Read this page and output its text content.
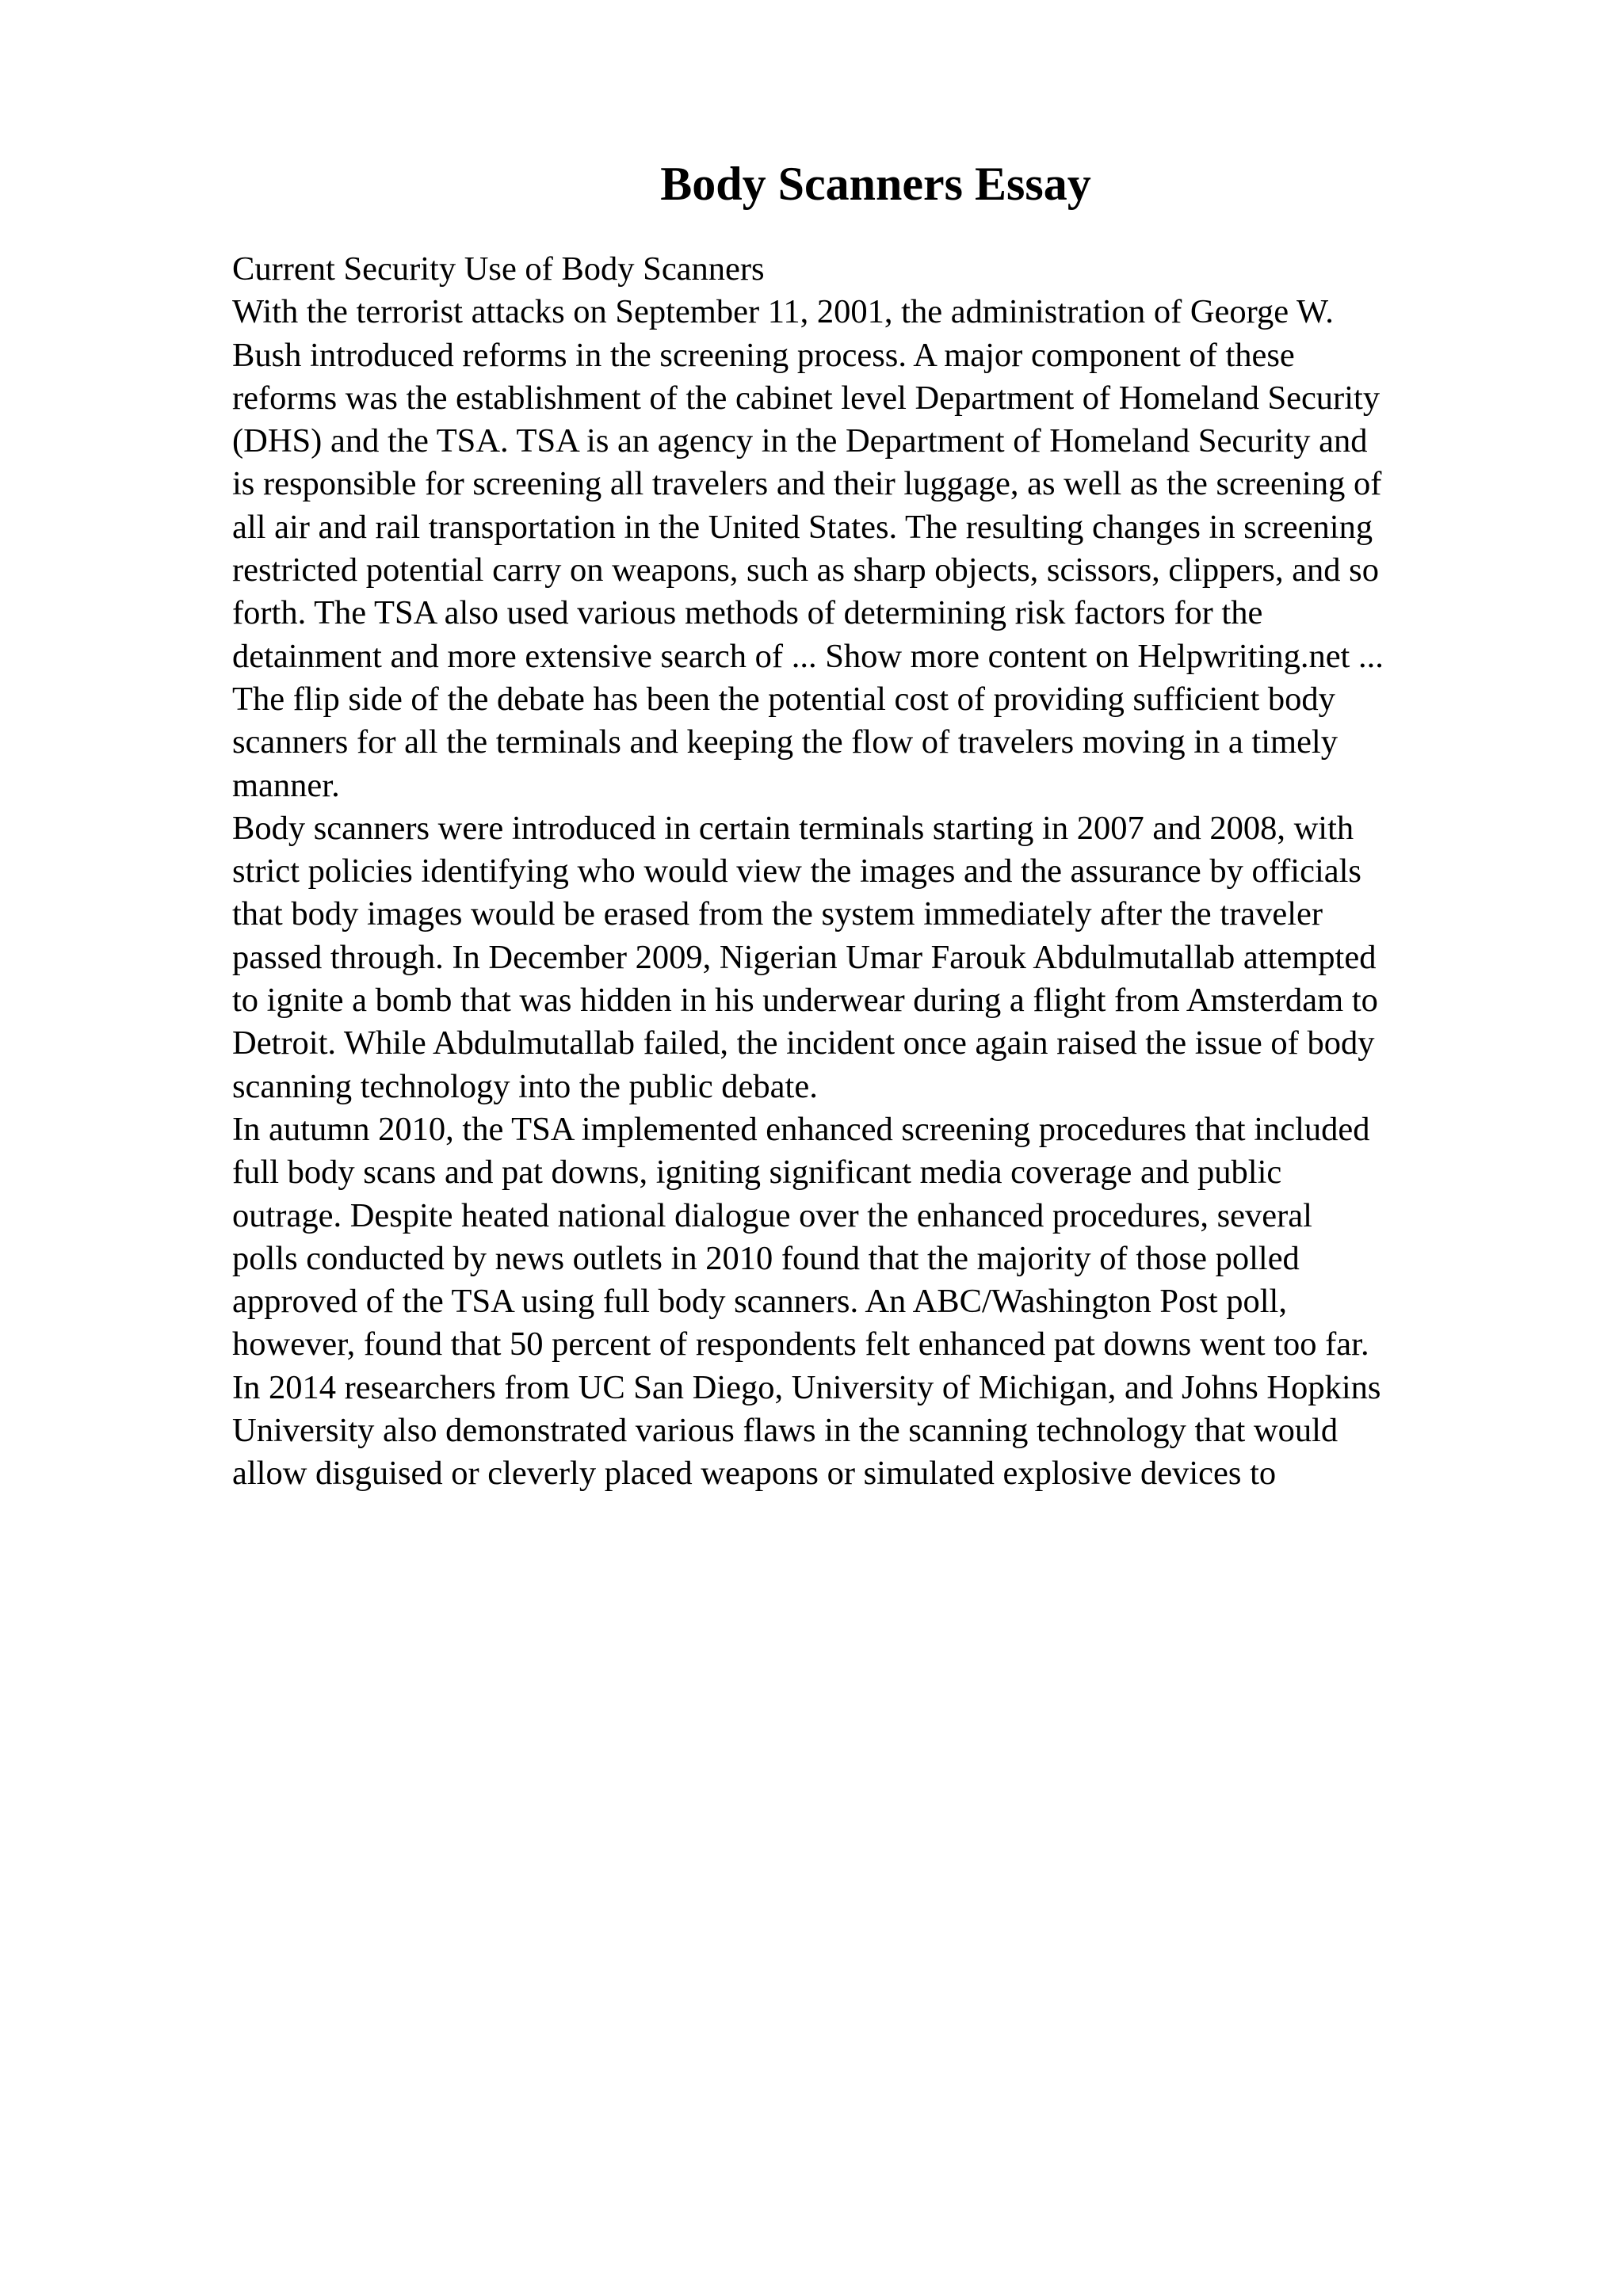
Body Scanners Essay
Current Security Use of Body Scanners
With the terrorist attacks on September 11, 2001, the administration of George W.
Bush introduced reforms in the screening process. A major component of these
reforms was the establishment of the cabinet level Department of Homeland Security
(DHS) and the TSA. TSA is an agency in the Department of Homeland Security and
is responsible for screening all travelers and their luggage, as well as the screening of
all air and rail transportation in the United States. The resulting changes in screening
restricted potential carry on weapons, such as sharp objects, scissors, clippers, and so
forth. The TSA also used various methods of determining risk factors for the
detainment and more extensive search of ... Show more content on Helpwriting.net ...
The flip side of the debate has been the potential cost of providing sufficient body
scanners for all the terminals and keeping the flow of travelers moving in a timely
manner.
Body scanners were introduced in certain terminals starting in 2007 and 2008, with
strict policies identifying who would view the images and the assurance by officials
that body images would be erased from the system immediately after the traveler
passed through. In December 2009, Nigerian Umar Farouk Abdulmutallab attempted
to ignite a bomb that was hidden in his underwear during a flight from Amsterdam to
Detroit. While Abdulmutallab failed, the incident once again raised the issue of body
scanning technology into the public debate.
In autumn 2010, the TSA implemented enhanced screening procedures that included
full body scans and pat downs, igniting significant media coverage and public
outrage. Despite heated national dialogue over the enhanced procedures, several
polls conducted by news outlets in 2010 found that the majority of those polled
approved of the TSA using full body scanners. An ABC/Washington Post poll,
however, found that 50 percent of respondents felt enhanced pat downs went too far.
In 2014 researchers from UC San Diego, University of Michigan, and Johns Hopkins
University also demonstrated various flaws in the scanning technology that would
allow disguised or cleverly placed weapons or simulated explosive devices to
